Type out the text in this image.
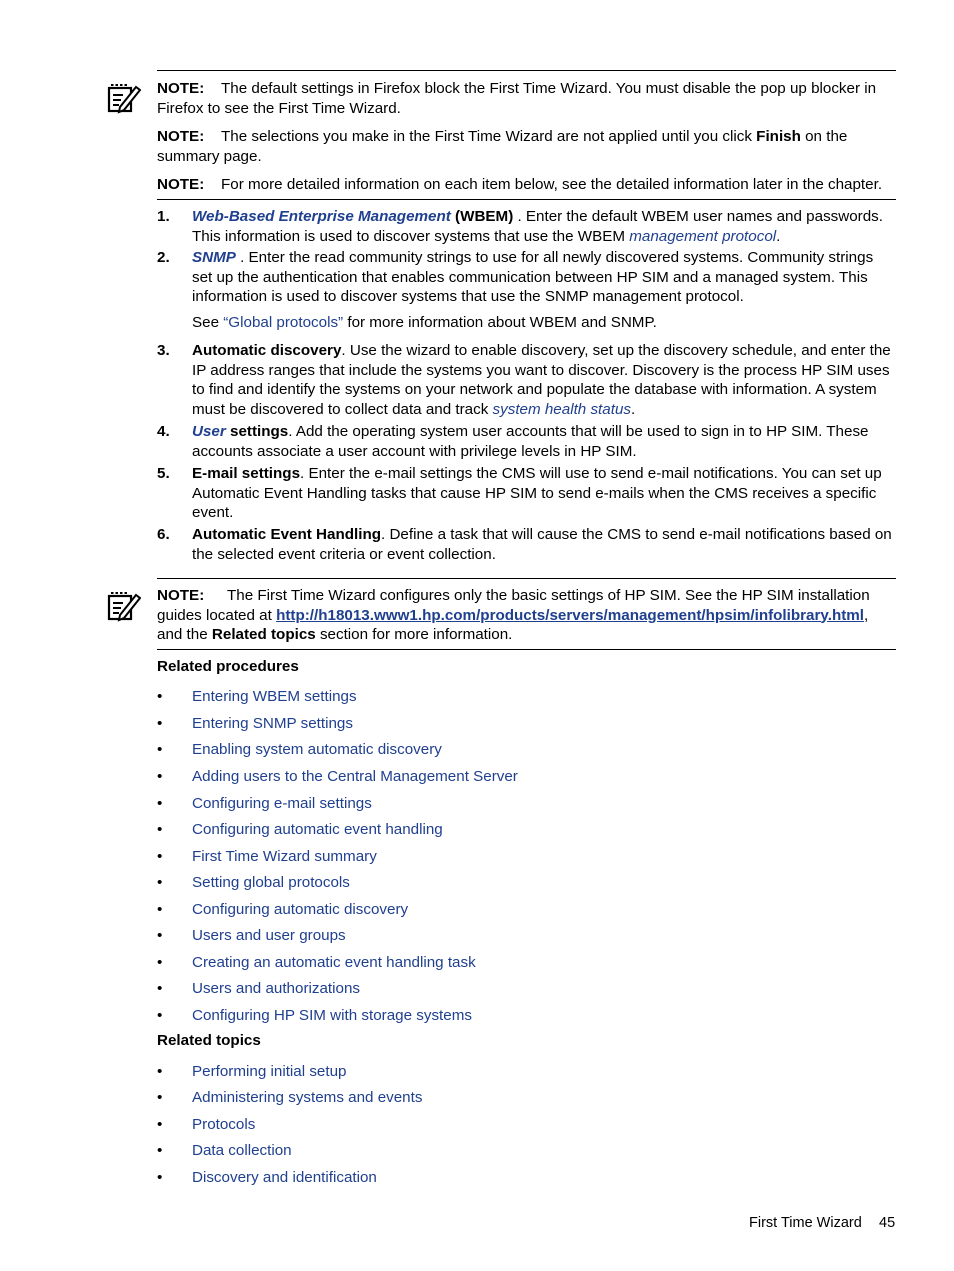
NOTE: The default settings in Firefox block the First Time Wizard. You must disable the pop up blocker in Firefox to see the First Time Wizard.
NOTE: The selections you make in the First Time Wizard are not applied until you click Finish on the summary page.
NOTE: For more detailed information on each item below, see the detailed information later in the chapter.
1. Web-Based Enterprise Management (WBEM) . Enter the default WBEM user names and passwords. This information is used to discover systems that use the WBEM management protocol.
2. SNMP . Enter the read community strings to use for all newly discovered systems. Community strings set up the authentication that enables communication between HP SIM and a managed system. This information is used to discover systems that use the SNMP management protocol.
See “Global protocols” for more information about WBEM and SNMP.
3. Automatic discovery. Use the wizard to enable discovery, set up the discovery schedule, and enter the IP address ranges that include the systems you want to discover. Discovery is the process HP SIM uses to find and identify the systems on your network and populate the database with information. A system must be discovered to collect data and track system health status.
4. User settings. Add the operating system user accounts that will be used to sign in to HP SIM. These accounts associate a user account with privilege levels in HP SIM.
5. E-mail settings. Enter the e-mail settings the CMS will use to send e-mail notifications. You can set up Automatic Event Handling tasks that cause HP SIM to send e-mails when the CMS receives a specific event.
6. Automatic Event Handling. Define a task that will cause the CMS to send e-mail notifications based on the selected event criteria or event collection.
NOTE: The First Time Wizard configures only the basic settings of HP SIM. See the HP SIM installation guides located at http://h18013.www1.hp.com/products/servers/management/hpsim/infolibrary.html, and the Related topics section for more information.
Related procedures
• Entering WBEM settings
• Entering SNMP settings
• Enabling system automatic discovery
• Adding users to the Central Management Server
• Configuring e-mail settings
• Configuring automatic event handling
• First Time Wizard summary
• Setting global protocols
• Configuring automatic discovery
• Users and user groups
• Creating an automatic event handling task
• Users and authorizations
• Configuring HP SIM with storage systems
Related topics
• Performing initial setup
• Administering systems and events
• Protocols
• Data collection
• Discovery and identification
First Time Wizard 45
